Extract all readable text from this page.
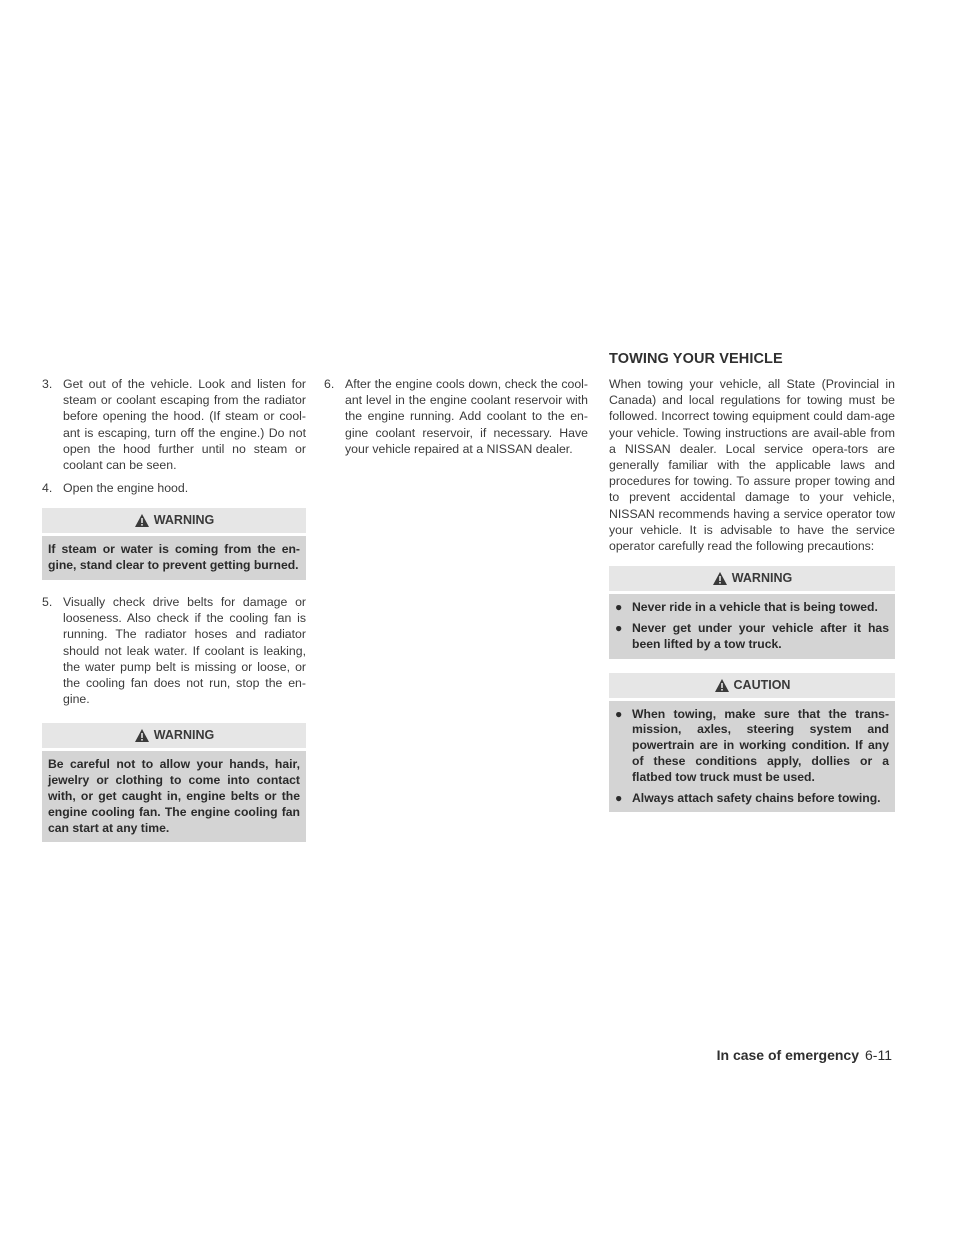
TOWING YOUR VEHICLE
3. Get out of the vehicle. Look and listen for steam or coolant escaping from the radiator before opening the hood. (If steam or cool-ant is escaping, turn off the engine.) Do not open the hood further until no steam or coolant can be seen.
4. Open the engine hood.
WARNING
If steam or water is coming from the en-gine, stand clear to prevent getting burned.
5. Visually check drive belts for damage or looseness. Also check if the cooling fan is running. The radiator hoses and radiator should not leak water. If coolant is leaking, the water pump belt is missing or loose, or the cooling fan does not run, stop the en-gine.
WARNING
Be careful not to allow your hands, hair, jewelry or clothing to come into contact with, or get caught in, engine belts or the engine cooling fan. The engine cooling fan can start at any time.
6. After the engine cools down, check the cool-ant level in the engine coolant reservoir with the engine running. Add coolant to the en-gine coolant reservoir, if necessary. Have your vehicle repaired at a NISSAN dealer.

When towing your vehicle, all State (Provincial in Canada) and local regulations for towing must be followed. Incorrect towing equipment could dam-age your vehicle. Towing instructions are avail-able from a NISSAN dealer. Local service opera-tors are generally familiar with the applicable laws and procedures for towing. To assure proper towing and to prevent accidental damage to your vehicle, NISSAN recommends having a service operator tow your vehicle. It is advisable to have the service operator carefully read the following precautions:

WARNING
● Never ride in a vehicle that is being towed.
● Never get under your vehicle after it has been lifted by a tow truck.
CAUTION
● When towing, make sure that the trans-mission, axles, steering system and powertrain are in working condition. If any of these conditions apply, dollies or a flatbed tow truck must be used.
● Always attach safety chains before towing.
In case of emergency 6-11
